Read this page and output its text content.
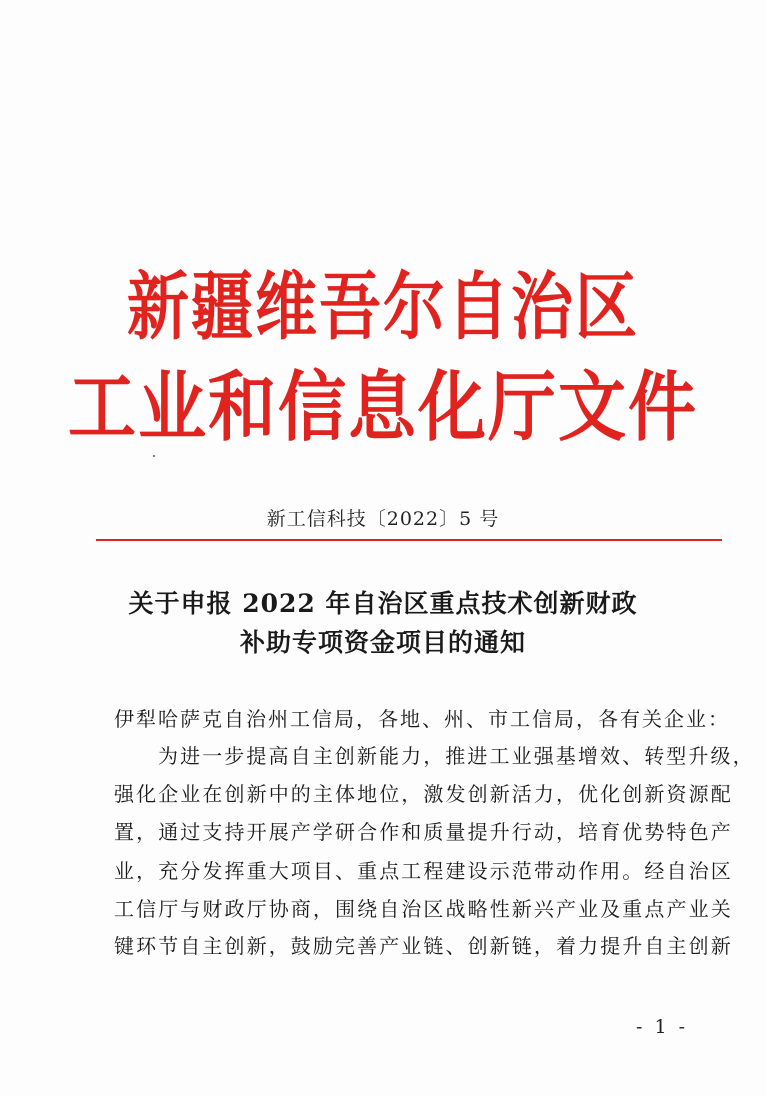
新疆维吾尔自治区
工业和信息化厅文件
新工信科技〔2022〕5 号
关于申报 2022 年自治区重点技术创新财政
补助专项资金项目的通知
伊犁哈萨克自治州工信局，各地、州、市工信局，各有关企业：
为进一步提高自主创新能力，推进工业强基增效、转型升级，
强化企业在创新中的主体地位，激发创新活力，优化创新资源配
置，通过支持开展产学研合作和质量提升行动，培育优势特色产
业，充分发挥重大项目、重点工程建设示范带动作用。经自治区
工信厅与财政厅协商，围绕自治区战略性新兴产业及重点产业关
键环节自主创新，鼓励完善产业链、创新链，着力提升自主创新
- 1 -
